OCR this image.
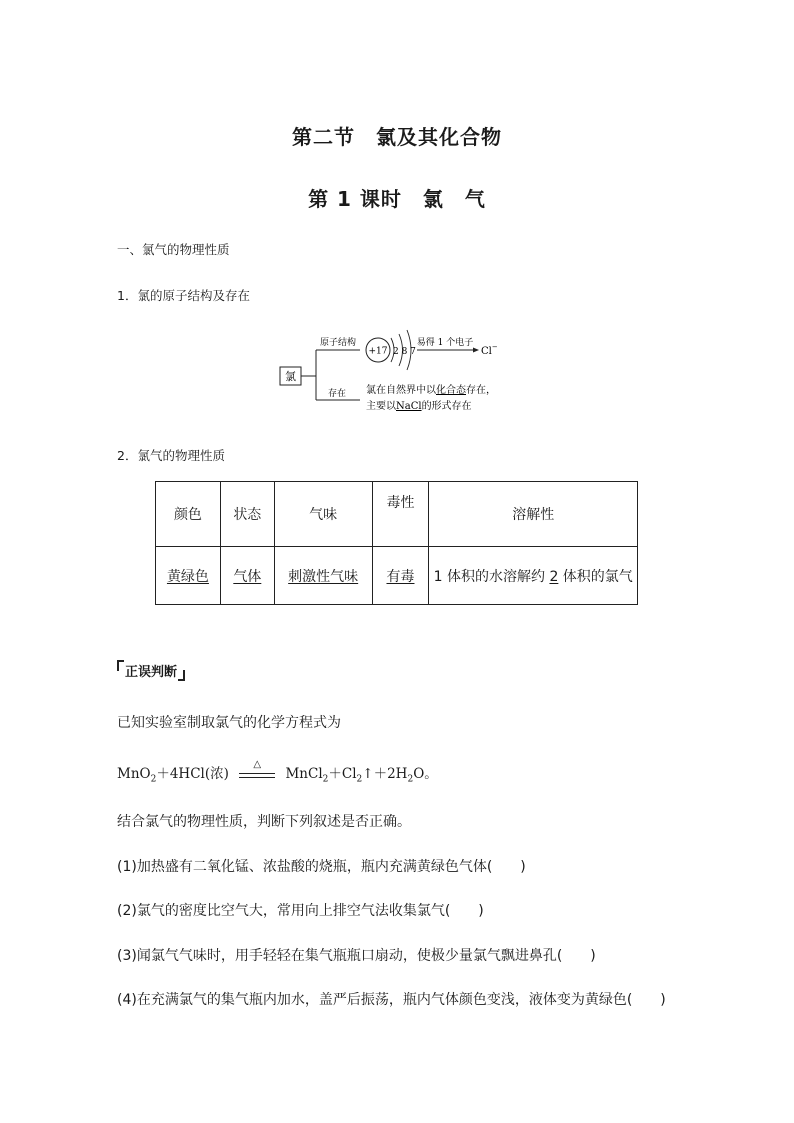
第二节　氯及其化合物
第 1 课时　氯　气
一、氯气的物理性质
1．氯的原子结构及存在
氯
原子结构
存在
+17 2 8 7
易得 1 个电子
Cl−
氯在自然界中以化合态存在，
主要以NaCl的形式存在
2．氯气的物理性质
颜色	状态	气味	毒性	溶解性
黄绿色	气体	刺激性气味	有毒	1 体积的水溶解约 2 体积的氯气
正误判断
已知实验室制取氯气的化学方程式为
MnO$_2$＋4HCl(浓)
△
$MnCl_2+Cl_2↑+2H_2O$。
结合氯气的物理性质，判断下列叙述是否正确。
(1)加热盛有二氧化锰、浓盐酸的烧瓶，瓶内充满黄绿色气体(　　)
(2)氯气的密度比空气大，常用向上排空气法收集氯气(　　)
(3)闻氯气气味时，用手轻轻在集气瓶瓶口扇动，使极少量氯气飘进鼻孔(　　)
(4)在充满氯气的集气瓶内加水，盖严后振荡，瓶内气体颜色变浅，液体变为黄绿色(　　)
